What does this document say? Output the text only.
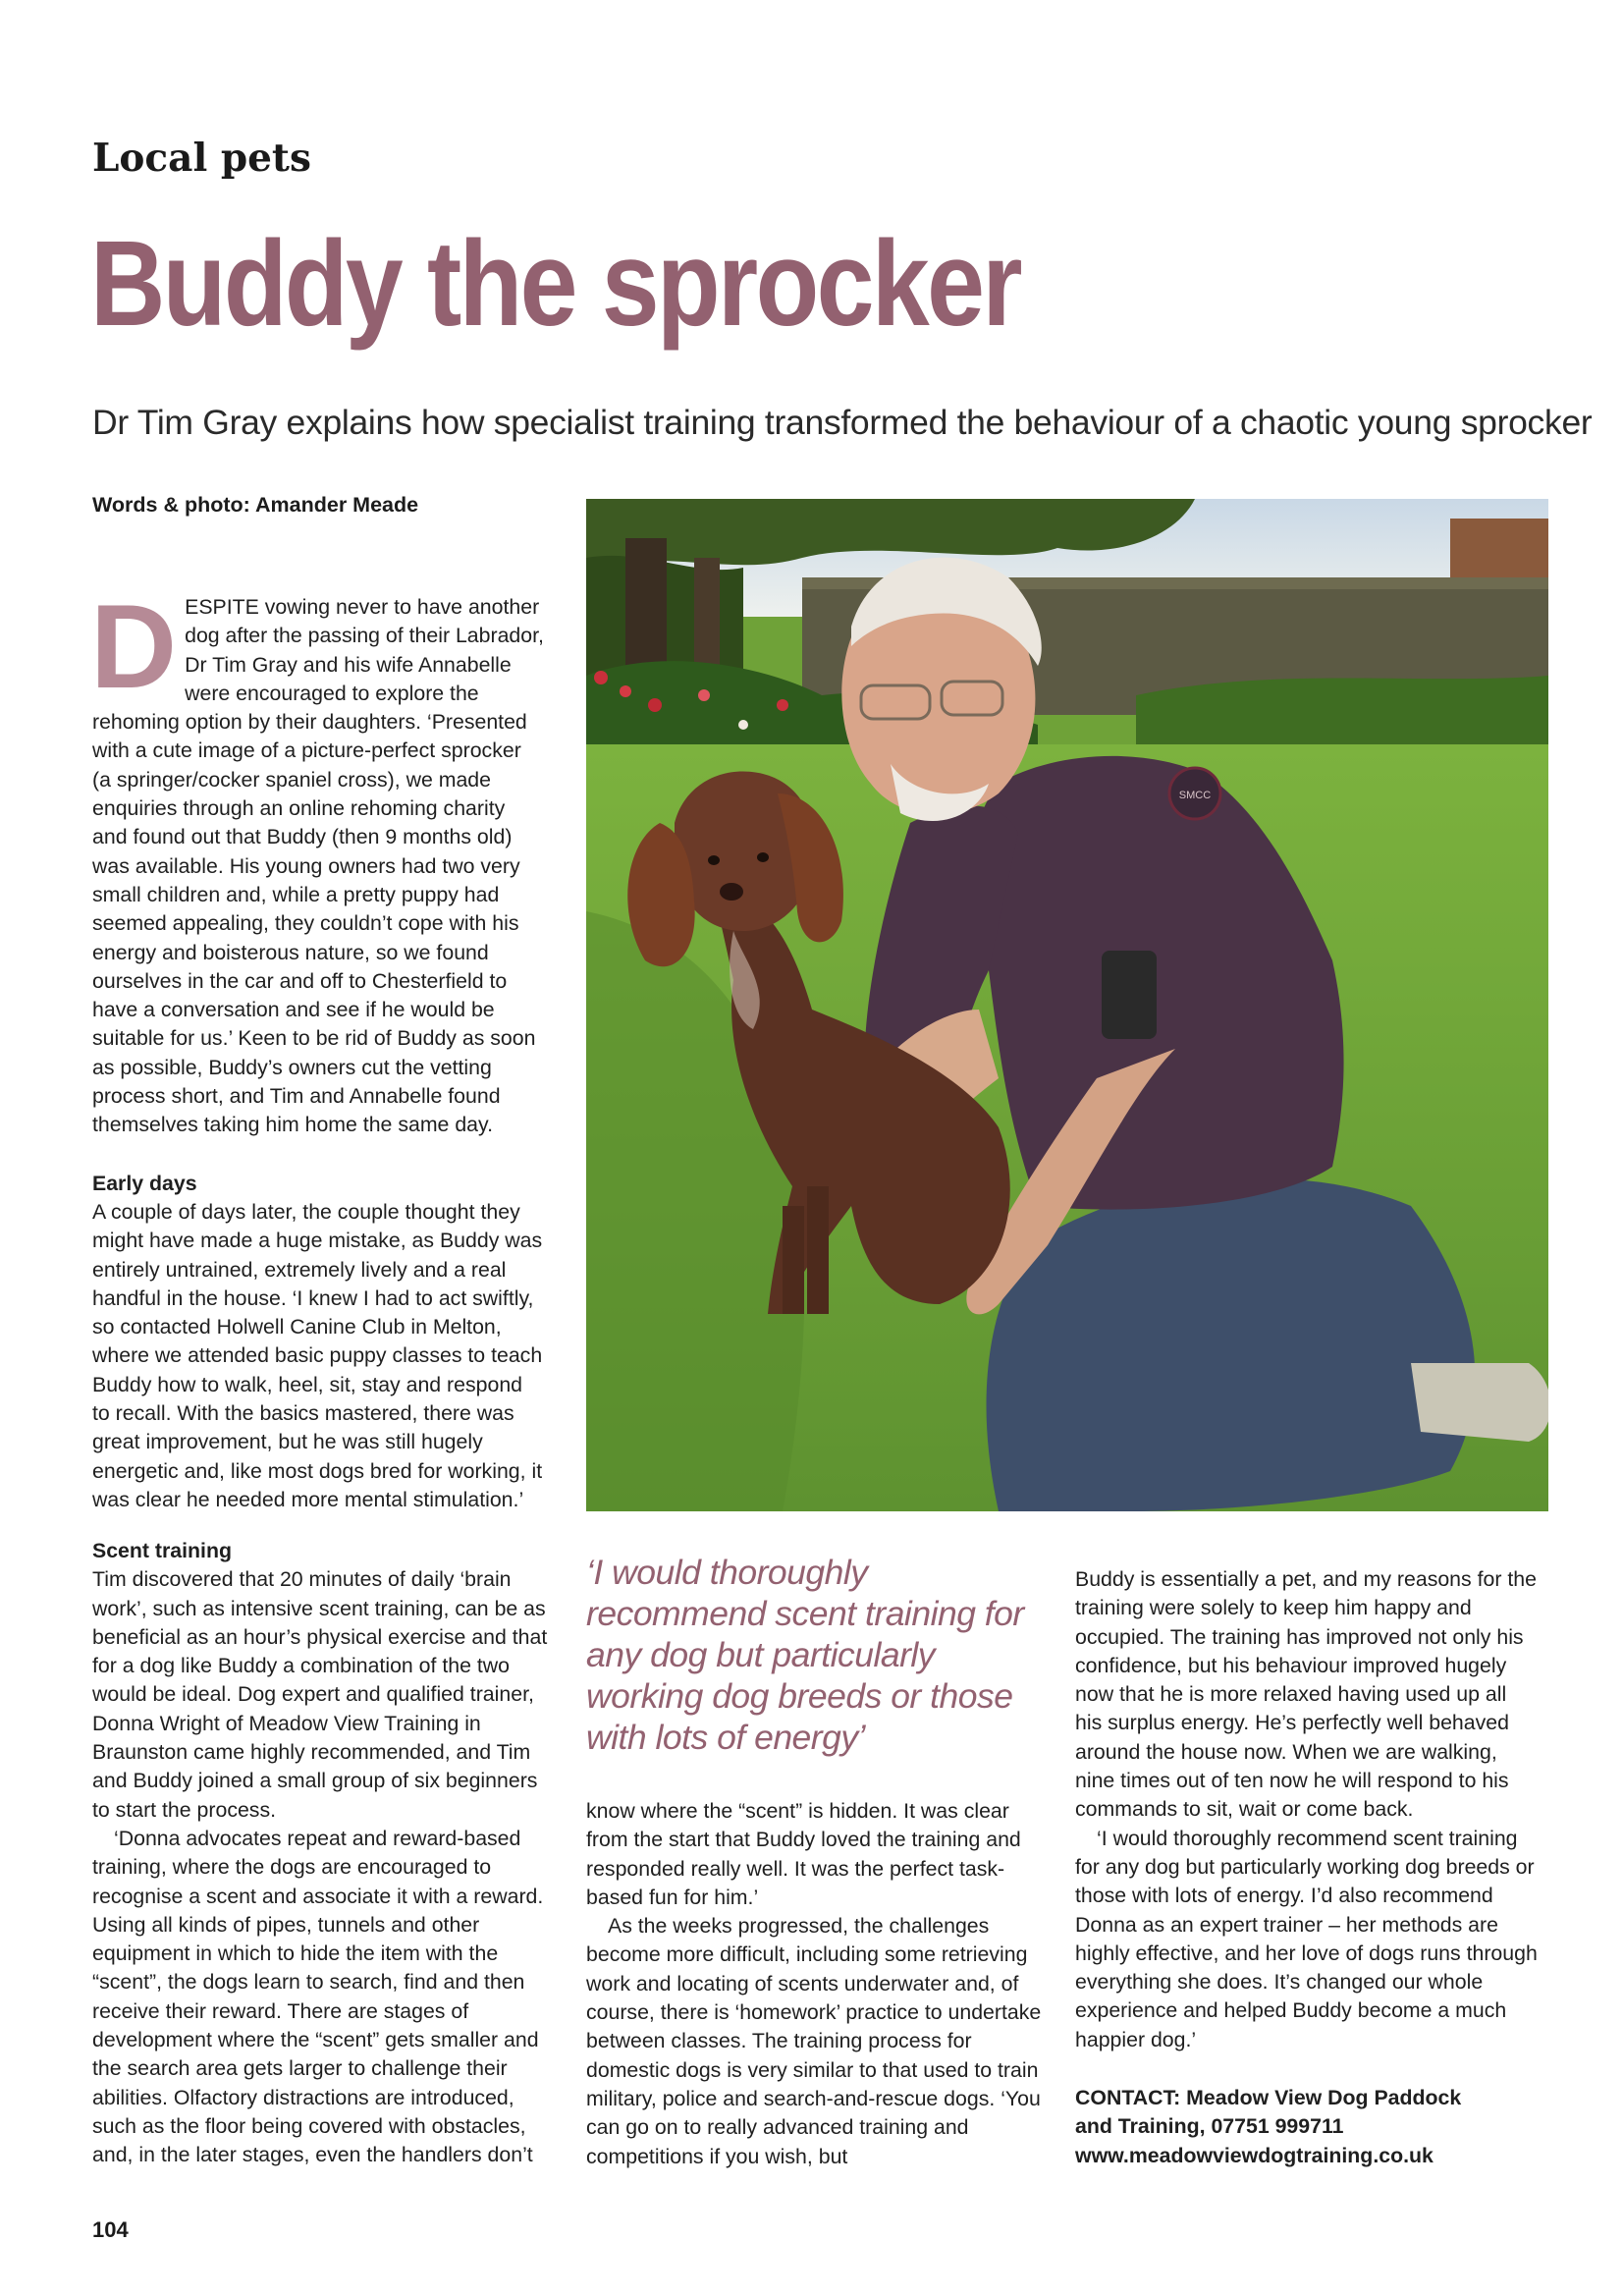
Local pets
Buddy the sprocker

Dr Tim Gray explains how specialist training transformed the behaviour of a chaotic young sprocker

Words & photo: Amander Meade

DESPITE vowing never to have another dog after the passing of their Labrador, Dr Tim Gray and his wife Annabelle were encouraged to explore the rehoming option by their daughters. ‘Presented with a cute image of a picture-perfect sprocker (a springer/cocker spaniel cross), we made enquiries through an online rehoming charity and found out that Buddy (then 9 months old) was available. His young owners had two very small children and, while a pretty puppy had seemed appealing, they couldn’t cope with his energy and boisterous nature, so we found ourselves in the car and off to Chesterfield to have a conversation and see if he would be suitable for us.’ Keen to be rid of Buddy as soon as possible, Buddy’s owners cut the vetting process short, and Tim and Annabelle found themselves taking him home the same day.

Early days

A couple of days later, the couple thought they might have made a huge mistake, as Buddy was entirely untrained, extremely lively and a real handful in the house. ‘I knew I had to act swiftly, so contacted Holwell Canine Club in Melton, where we attended basic puppy classes to teach Buddy how to walk, heel, sit, stay and respond to recall. With the basics mastered, there was great improvement, but he was still hugely energetic and, like most dogs bred for working, it was clear he needed more mental stimulation.’

Scent training

Tim discovered that 20 minutes of daily ‘brain work’, such as intensive scent training, can be as beneficial as an hour’s physical exercise and that for a dog like Buddy a combination of the two would be ideal. Dog expert and qualified trainer, Donna Wright of Meadow View Training in Braunston came highly recommended, and Tim and Buddy joined a small group of six beginners to start the process.

‘Donna advocates repeat and reward-based training, where the dogs are encouraged to recognise a scent and associate it with a reward. Using all kinds of pipes, tunnels and other equipment in which to hide the item with the “scent”, the dogs learn to search, find and then receive their reward. There are stages of development where the “scent” gets smaller and the search area gets larger to challenge their abilities. Olfactory distractions are introduced, such as the floor being covered with obstacles, and, in the later stages, even the handlers don’t

SMCC

‘I would thoroughly recommend scent training for any dog but particularly working dog breeds or those with lots of energy’

know where the “scent” is hidden. It was clear from the start that Buddy loved the training and responded really well. It was the perfect task-based fun for him.’

As the weeks progressed, the challenges become more difficult, including some retrieving work and locating of scents underwater and, of course, there is ‘homework’ practice to undertake between classes. The training process for domestic dogs is very similar to that used to train military, police and search-and-rescue dogs. ‘You can go on to really advanced training and competitions if you wish, but

Buddy is essentially a pet, and my reasons for the training were solely to keep him happy and occupied. The training has improved not only his confidence, but his behaviour improved hugely now that he is more relaxed having used up all his surplus energy. He’s perfectly well behaved around the house now. When we are walking, nine times out of ten now he will respond to his commands to sit, wait or come back.

‘I would thoroughly recommend scent training for any dog but particularly working dog breeds or those with lots of energy. I’d also recommend Donna as an expert trainer – her methods are highly effective, and her love of dogs runs through everything she does. It’s changed our whole experience and helped Buddy become a much happier dog.’

CONTACT: Meadow View Dog Paddock
and Training, 07751 999711
www.meadowviewdogtraining.co.uk

104
